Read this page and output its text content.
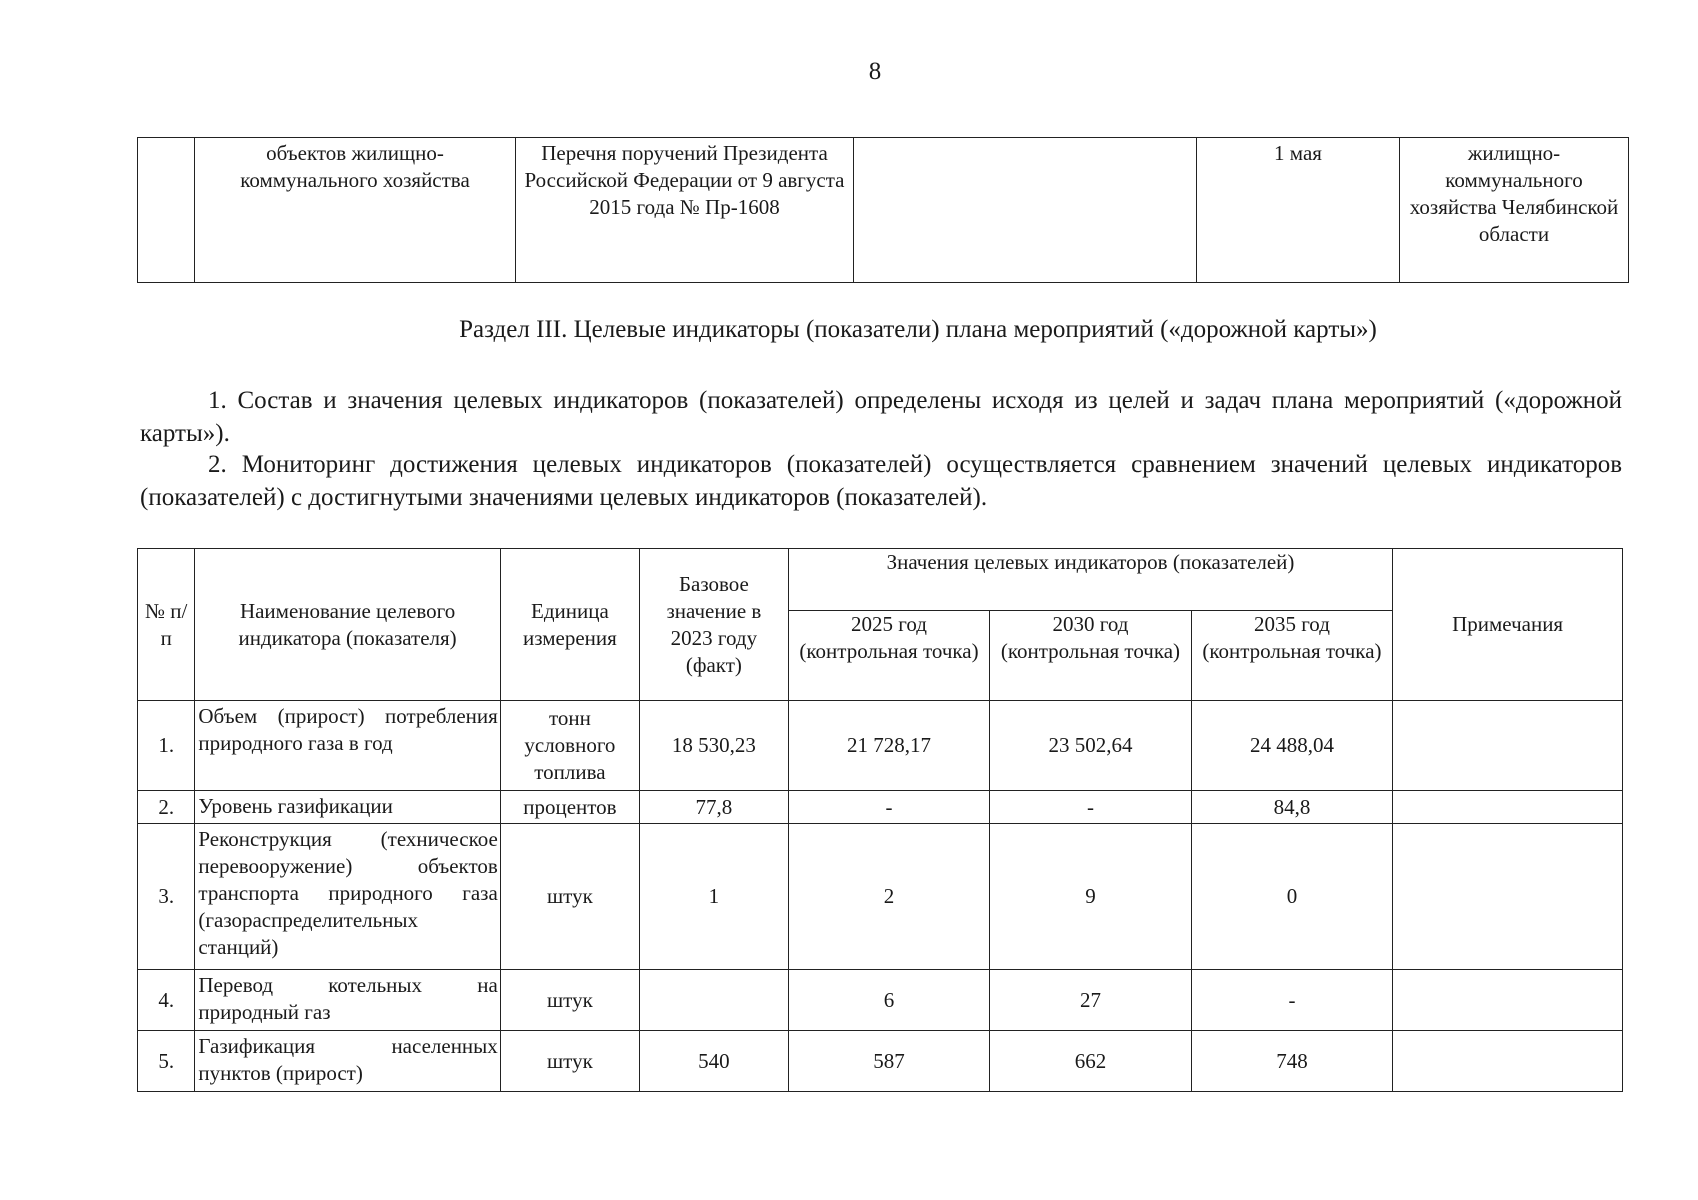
8
	объектов жилищно-коммунального хозяйства	Перечня поручений Президента Российской Федерации от 9 августа 2015 года № Пр-1608		1 мая	жилищно-коммунального хозяйства Челябинской области
Раздел III. Целевые индикаторы (показатели) плана мероприятий («дорожной карты»)
1. Состав и значения целевых индикаторов (показателей) определены исходя из целей и задач плана мероприятий («дорожной карты»).
2. Мониторинг достижения целевых индикаторов (показателей) осуществляется сравнением значений целевых индикаторов (показателей) с достигнутыми значениями целевых индикаторов (показателей).
№ п/п	Наименование целевого индикатора (показателя)	Единица измерения	Базовое значение в 2023 году (факт)	Значения целевых индикаторов (показателей)			Примечания
				2025 год (контрольная точка)	2030 год (контрольная точка)	2035 год (контрольная точка)	
1.	Объем (прирост) потребления природного газа в год	тонн условного топлива	18 530,23	21 728,17	23 502,64	24 488,04	
2.	Уровень газификации	процентов	77,8	-	-	84,8	
3.	Реконструкция (техническое перевооружение) объектов транспорта природного газа (газораспределительных станций)	штук	1	2	9	0	
4.	Перевод котельных на природный газ	штук		6	27	-	
5.	Газификация населенных пунктов (прирост)	штук	540	587	662	748	
